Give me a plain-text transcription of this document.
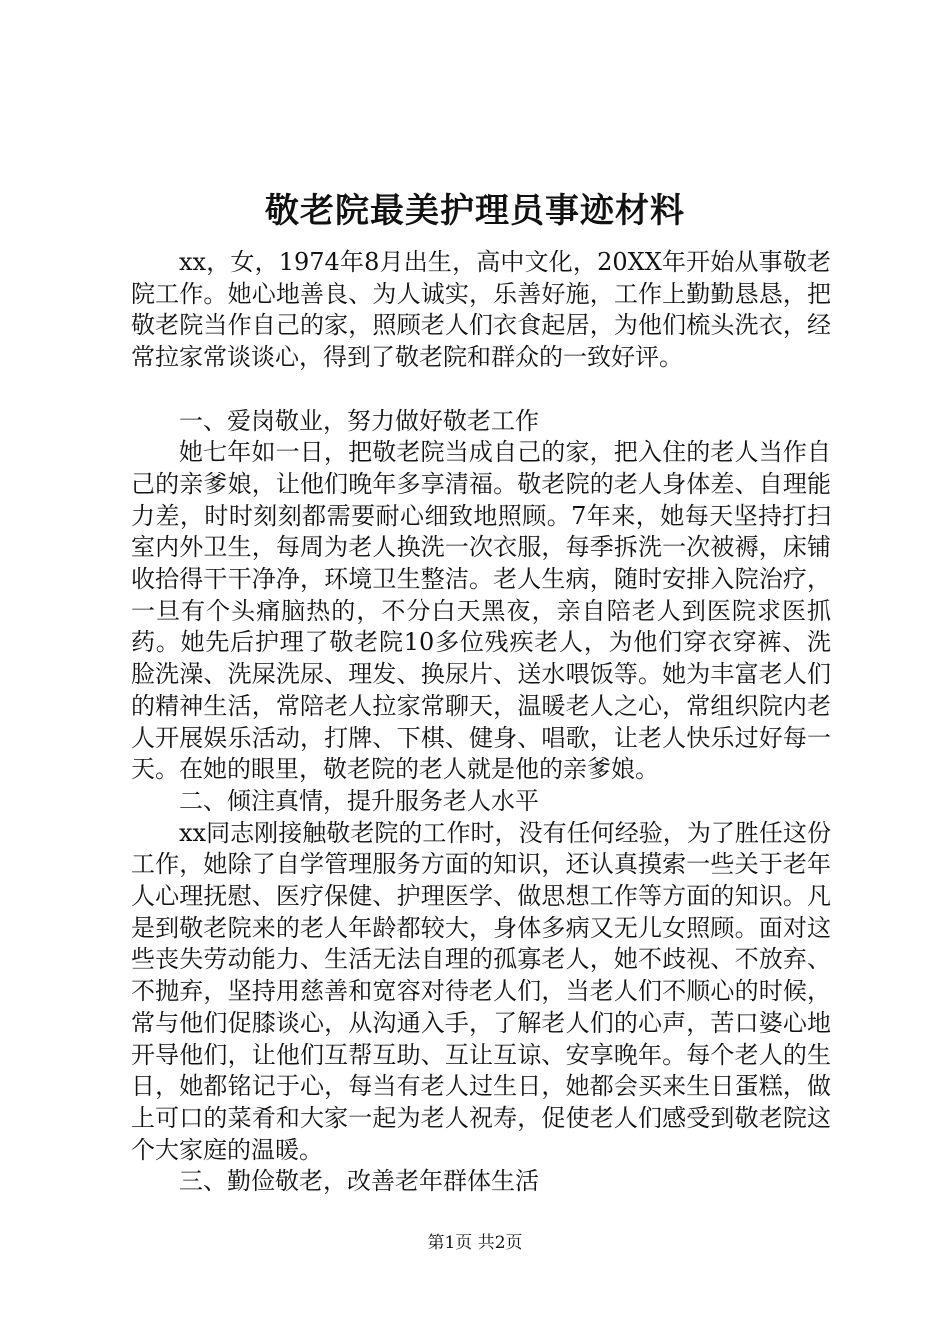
敬老院最美护理员事迹材料

xx，女，1974年8月出生，高中文化，20XX年开始从事敬老院工作。她心地善良、为人诚实，乐善好施，工作上勤勤恳恳，把敬老院当作自己的家，照顾老人们衣食起居，为他们梳头洗衣，经常拉家常谈谈心，得到了敬老院和群众的一致好评。

一、爱岗敬业，努力做好敬老工作

她七年如一日，把敬老院当成自己的家，把入住的老人当作自己的亲爹娘，让他们晚年多享清福。敬老院的老人身体差、自理能力差，时时刻刻都需要耐心细致地照顾。7年来，她每天坚持打扫室内外卫生，每周为老人换洗一次衣服，每季拆洗一次被褥，床铺收拾得干干净净，环境卫生整洁。老人生病，随时安排入院治疗，一旦有个头痛脑热的，不分白天黑夜，亲自陪老人到医院求医抓药。她先后护理了敬老院10多位残疾老人，为他们穿衣穿裤、洗脸洗澡、洗屎洗尿、理发、换尿片、送水喂饭等。她为丰富老人们的精神生活，常陪老人拉家常聊天，温暖老人之心，常组织院内老人开展娱乐活动，打牌、下棋、健身、唱歌，让老人快乐过好每一天。在她的眼里，敬老院的老人就是他的亲爹娘。

二、倾注真情，提升服务老人水平

xx同志刚接触敬老院的工作时，没有任何经验，为了胜任这份工作，她除了自学管理服务方面的知识，还认真摸索一些关于老年人心理抚慰、医疗保健、护理医学、做思想工作等方面的知识。凡是到敬老院来的老人年龄都较大，身体多病又无儿女照顾。面对这些丧失劳动能力、生活无法自理的孤寡老人，她不歧视、不放弃、不抛弃，坚持用慈善和宽容对待老人们，当老人们不顺心的时候，常与他们促膝谈心，从沟通入手，了解老人们的心声，苦口婆心地开导他们，让他们互帮互助、互让互谅、安享晚年。每个老人的生日，她都铭记于心，每当有老人过生日，她都会买来生日蛋糕，做上可口的菜肴和大家一起为老人祝寿，促使老人们感受到敬老院这个大家庭的温暖。

三、勤俭敬老，改善老年群体生活

第1页 共2页
